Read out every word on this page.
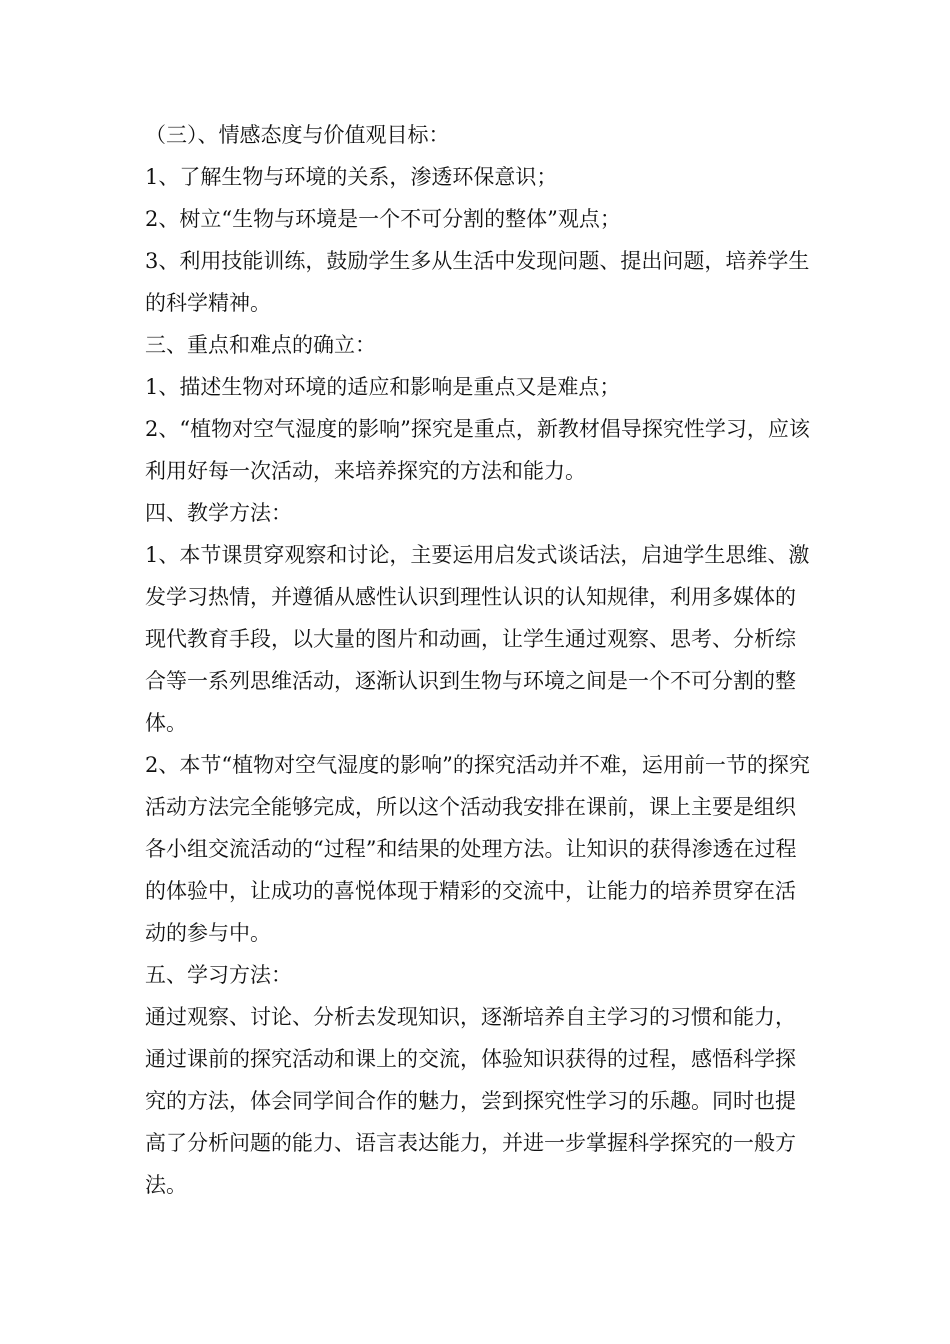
（三）、情感态度与价值观目标：

1、了解生物与环境的关系，渗透环保意识；

2、树立“生物与环境是一个不可分割的整体”观点；

3、利用技能训练，鼓励学生多从生活中发现问题、提出问题，培养学生的科学精神。

三、重点和难点的确立：

1、描述生物对环境的适应和影响是重点又是难点；

2、“植物对空气湿度的影响”探究是重点，新教材倡导探究性学习，应该利用好每一次活动，来培养探究的方法和能力。

四、教学方法：

1、本节课贯穿观察和讨论，主要运用启发式谈话法，启迪学生思维、激发学习热情，并遵循从感性认识到理性认识的认知规律，利用多媒体的现代教育手段，以大量的图片和动画，让学生通过观察、思考、分析综合等一系列思维活动，逐渐认识到生物与环境之间是一个不可分割的整体。

2、本节“植物对空气湿度的影响”的探究活动并不难，运用前一节的探究活动方法完全能够完成，所以这个活动我安排在课前，课上主要是组织各小组交流活动的“过程”和结果的处理方法。让知识的获得渗透在过程的体验中，让成功的喜悦体现于精彩的交流中，让能力的培养贯穿在活动的参与中。

五、学习方法：

通过观察、讨论、分析去发现知识，逐渐培养自主学习的习惯和能力，通过课前的探究活动和课上的交流，体验知识获得的过程，感悟科学探究的方法，体会同学间合作的魅力，尝到探究性学习的乐趣。同时也提高了分析问题的能力、语言表达能力，并进一步掌握科学探究的一般方法。
